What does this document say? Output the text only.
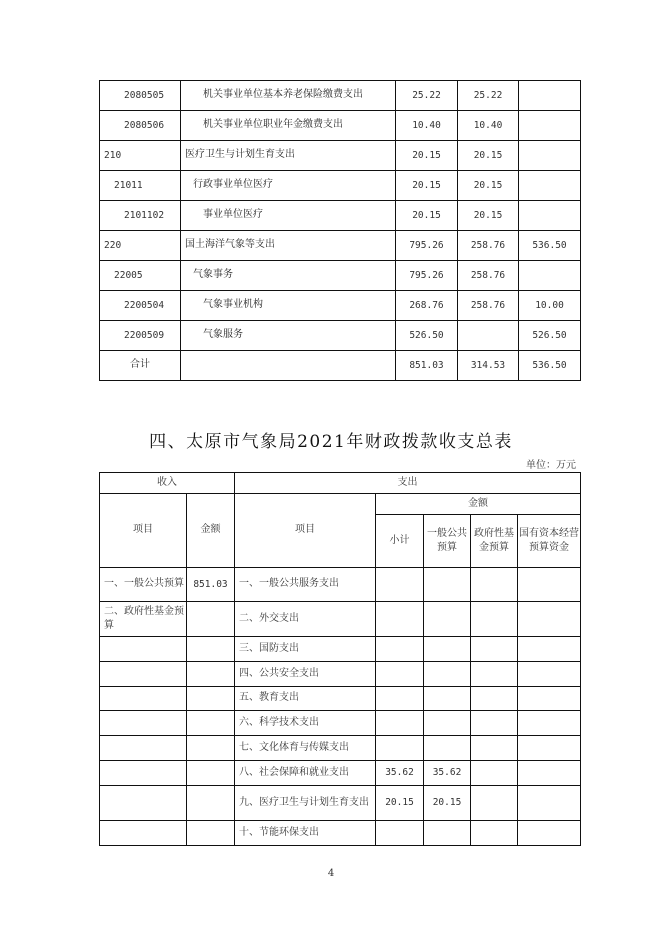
2080505	机关事业单位基本养老保险缴费支出	25.22	25.22	
2080506	机关事业单位职业年金缴费支出	10.40	10.40	
210	医疗卫生与计划生育支出	20.15	20.15	
21011	行政事业单位医疗	20.15	20.15	
2101102	事业单位医疗	20.15	20.15	
220	国土海洋气象等支出	795.26	258.76	536.50
22005	气象事务	795.26	258.76	
2200504	气象事业机构	268.76	258.76	10.00
2200509	气象服务	526.50		526.50
合计		851.03	314.53	536.50
四、太原市气象局2021年财政拨款收支总表
单位：万元
收入		支出				
项目	金额	项目	金额			
			小计	一般公共预算	政府性基金预算	国有资本经营预算资金
一、一般公共预算	851.03	一、一般公共服务支出				
二、政府性基金预算		二、外交支出				
		三、国防支出				
		四、公共安全支出				
		五、教育支出				
		六、科学技术支出				
		七、文化体育与传媒支出				
		八、社会保障和就业支出	35.62	35.62		
		九、医疗卫生与计划生育支出	20.15	20.15		
		十、节能环保支出				
4
